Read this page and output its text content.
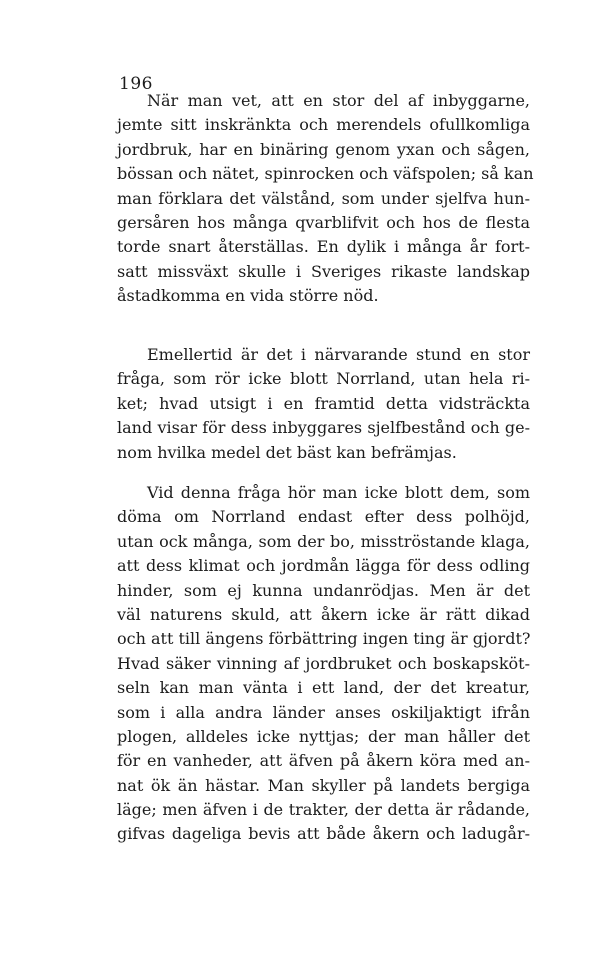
196
När man vet, att en stor del af inbyggarne,
jemte sitt inskränkta och merendels ofullkomliga
jordbruk, har en binäring genom yxan och sågen,
bössan och nätet, spinrocken och väfspolen; så kan
man förklara det välstånd, som under sjelfva hun-
gersåren hos många qvarblifvit och hos de flesta
torde snart återställas. En dylik i många år fort-
satt missväxt skulle i Sveriges rikaste landskap
åstadkomma en vida större nöd.
Emellertid är det i närvarande stund en stor
fråga, som rör icke blott Norrland, utan hela ri-
ket; hvad utsigt i en framtid detta vidsträckta
land visar för dess inbyggares sjelfbestånd och ge-
nom hvilka medel det bäst kan befrämjas.
Vid denna fråga hör man icke blott dem, som
döma om Norrland endast efter dess polhöjd,
utan ock många, som der bo, misströstande klaga,
att dess klimat och jordmån lägga för dess odling
hinder, som ej kunna undanrödjas. Men är det
väl naturens skuld, att åkern icke är rätt dikad
och att till ängens förbättring ingen ting är gjordt?
Hvad säker vinning af jordbruket och boskapsköt-
seln kan man vänta i ett land, der det kreatur,
som i alla andra länder anses oskiljaktigt ifrån
plogen, alldeles icke nyttjas; der man håller det
för en vanheder, att äfven på åkern köra med an-
nat ök än hästar. Man skyller på landets bergiga
läge; men äfven i de trakter, der detta är rådande,
gifvas dageliga bevis att både åkern och ladugår-
